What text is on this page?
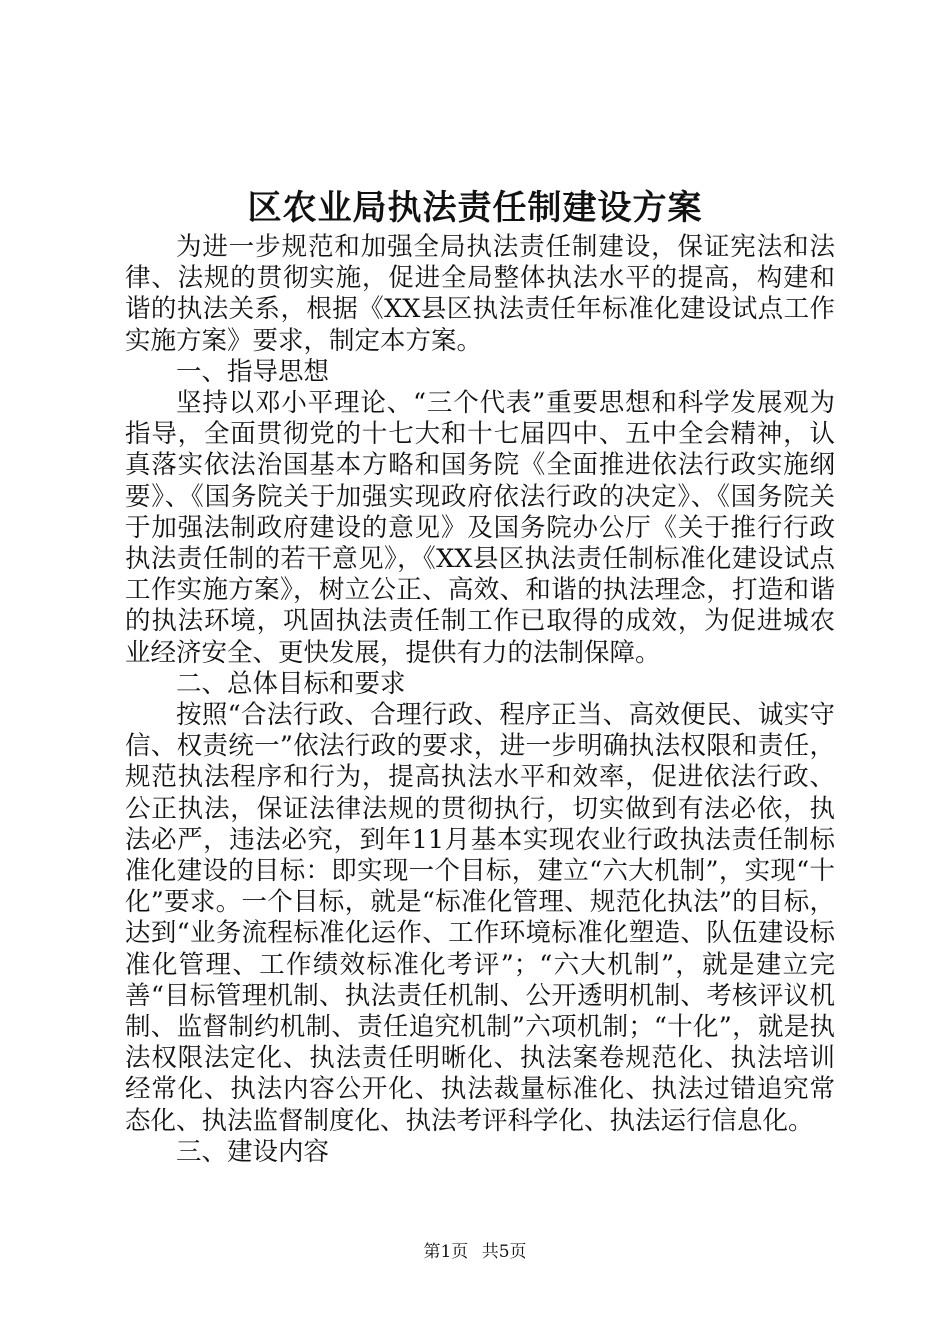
区农业局执法责任制建设方案

为进一步规范和加强全局执法责任制建设，保证宪法和法律、法规的贯彻实施，促进全局整体执法水平的提高，构建和谐的执法关系，根据《XX县区执法责任年标准化建设试点工作实施方案》要求，制定本方案。

一、指导思想

坚持以邓小平理论、“三个代表”重要思想和科学发展观为指导，全面贯彻党的十七大和十七届四中、五中全会精神，认真落实依法治国基本方略和国务院《全面推进依法行政实施纲要》、《国务院关于加强实现政府依法行政的决定》、《国务院关于加强法制政府建设的意见》及国务院办公厅《关于推行行政执法责任制的若干意见》，《XX县区执法责任制标准化建设试点工作实施方案》，树立公正、高效、和谐的执法理念，打造和谐的执法环境，巩固执法责任制工作已取得的成效，为促进城农业经济安全、更快发展，提供有力的法制保障。

二、总体目标和要求

按照“合法行政、合理行政、程序正当、高效便民、诚实守信、权责统一”依法行政的要求，进一步明确执法权限和责任，规范执法程序和行为，提高执法水平和效率，促进依法行政、公正执法，保证法律法规的贯彻执行，切实做到有法必依，执法必严，违法必究，到年11月基本实现农业行政执法责任制标准化建设的目标：即实现一个目标，建立“六大机制”，实现“十化”要求。一个目标，就是“标准化管理、规范化执法”的目标，达到“业务流程标准化运作、工作环境标准化塑造、队伍建设标准化管理、工作绩效标准化考评”；“六大机制”，就是建立完善“目标管理机制、执法责任机制、公开透明机制、考核评议机制、监督制约机制、责任追究机制”六项机制；“十化”，就是执法权限法定化、执法责任明晰化、执法案卷规范化、执法培训经常化、执法内容公开化、执法裁量标准化、执法过错追究常态化、执法监督制度化、执法考评科学化、执法运行信息化。

三、建设内容

第1页 共5页
